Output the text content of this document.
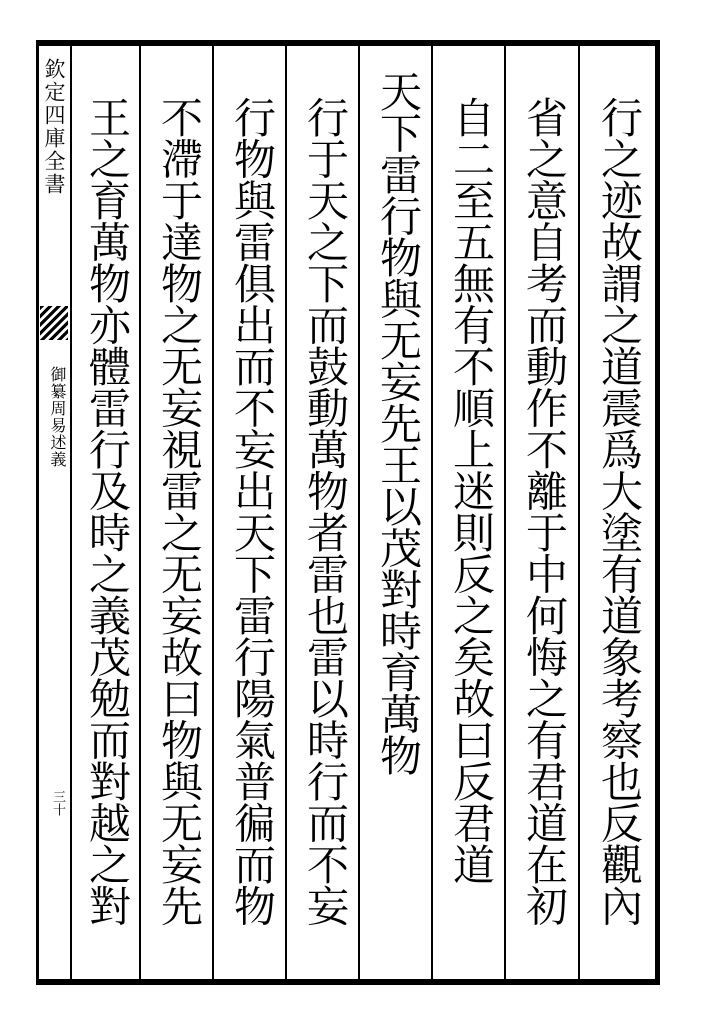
欽定四庫全書
御纂周易述義
三十	行之迹故謂之道震爲大塗有道象考察也反觀內
省之意自考而動作不離于中何悔之有君道在初
自二至五無有不順上迷則反之矣故曰反君道
天下雷行物與无妄先王以茂對時育萬物
行于天之下而鼓動萬物者雷也雷以時行而不妄
行物與雷俱出而不妄出天下雷行陽氣普徧而物
不滯于達物之无妄視雷之无妄故曰物與无妄先
王之育萬物亦體雷行及時之義茂勉而對越之對
